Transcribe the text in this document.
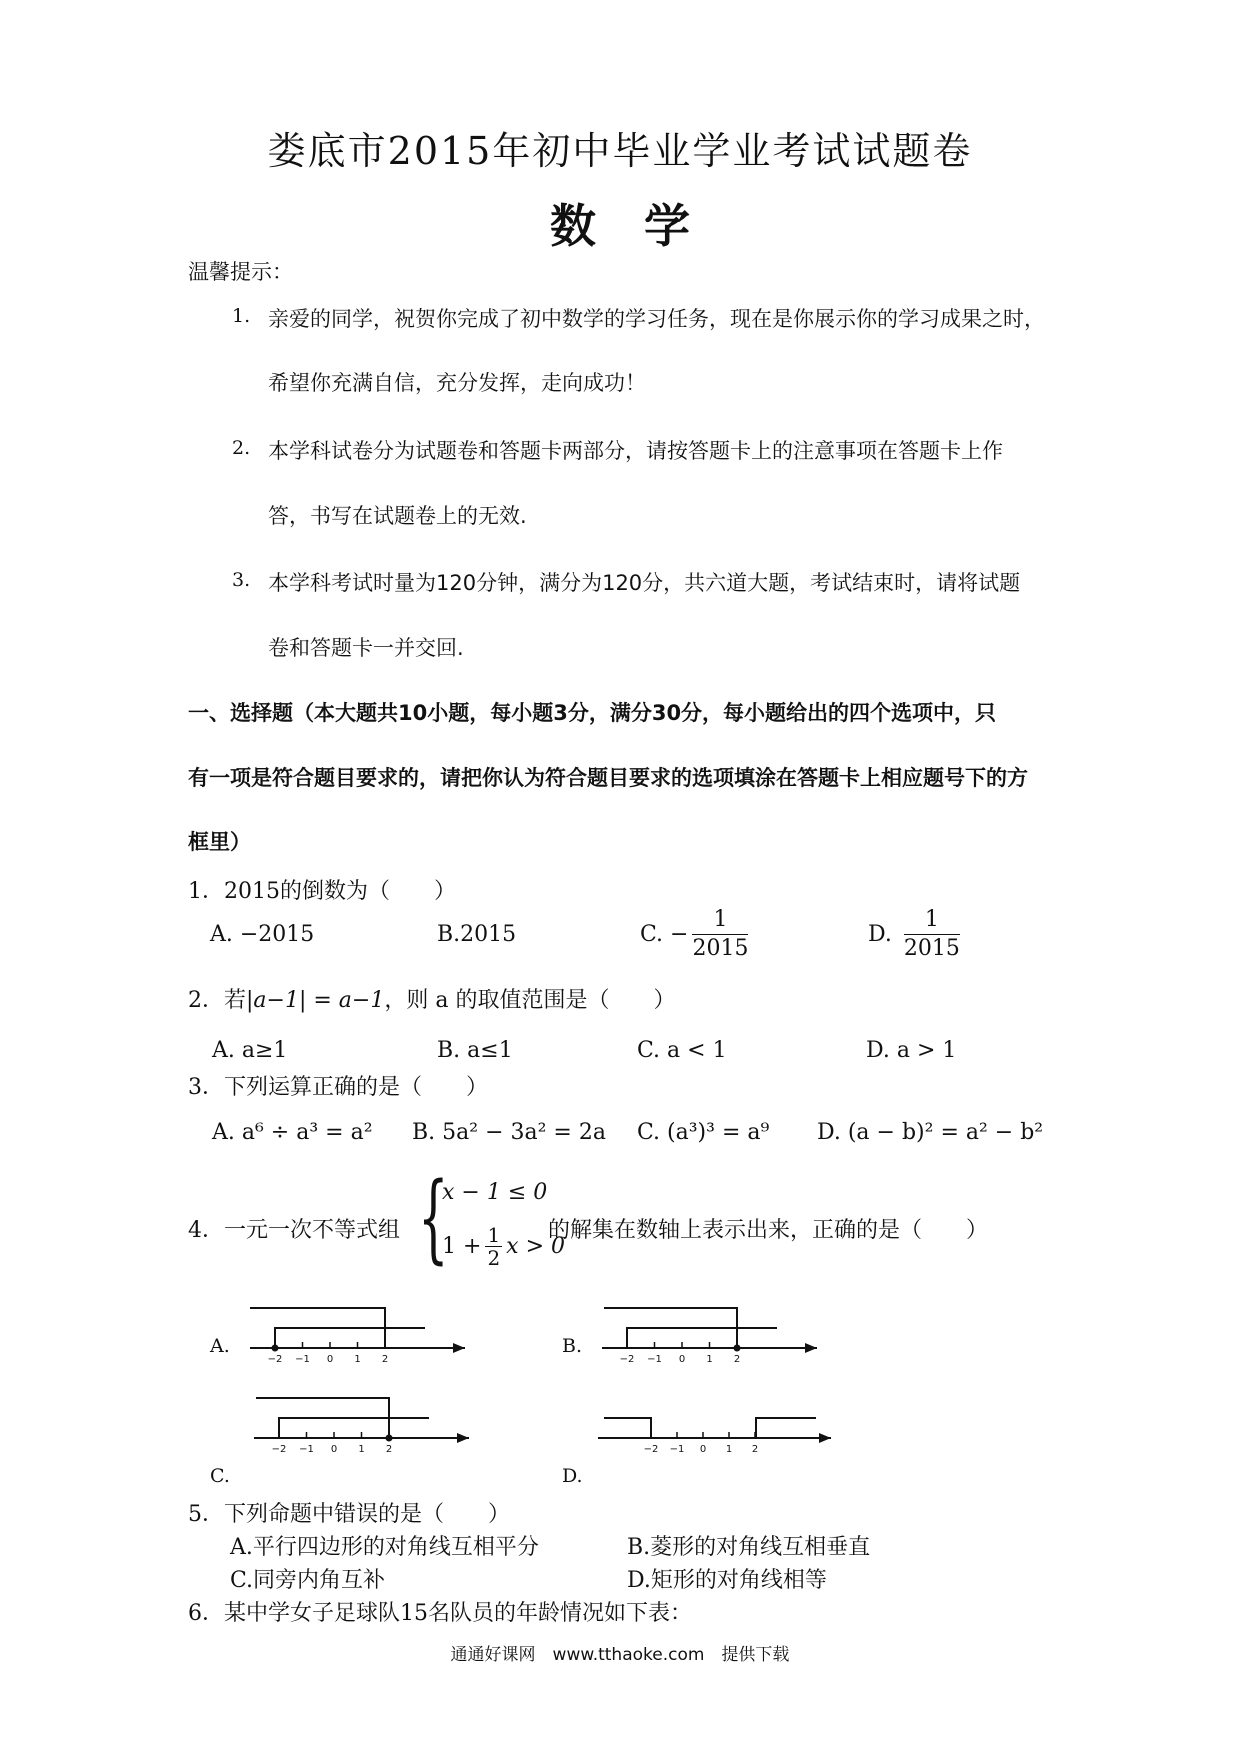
娄底市2015年初中毕业学业考试试题卷
数学
温馨提示：
1. 亲爱的同学，祝贺你完成了初中数学的学习任务，现在是你展示你的学习成果之时，
希望你充满自信，充分发挥，走向成功！
2. 本学科试卷分为试题卷和答题卡两部分，请按答题卡上的注意事项在答题卡上作
答，书写在试题卷上的无效.
3. 本学科考试时量为120分钟，满分为120分，共六道大题，考试结束时，请将试题
卷和答题卡一并交回.
一、选择题（本大题共10小题，每小题3分，满分30分，每小题给出的四个选项中，只
有一项是符合题目要求的，请把你认为符合题目要求的选项填涂在答题卡上相应题号下的方
框里）
1．2015的倒数为（　　）
A. −2015	B.2015	C. − $\frac{1}{2015}$	D. $\frac{1}{2015}$
2．若|a−1| = a−1，则 a 的取值范围是（　　）
A. a≥1	B. a≤1	C. a < 1	D. a > 1
3．下列运算正确的是（　　）
A. a⁶ ÷ a³ = a² B. 5a² − 3a² = 2a C. (a³)³ = a⁹ D. (a − b)² = a² − b²
4．一元一次不等式组 {
x − 1 ≤ 0
$1 + \frac{1}{2}$ x > 0
的解集在数轴上表示出来，正确的是（　　）
A.
−2 −1 0 1 2
B.
−2 −1 0 1 2
C.
−2 −1 0 1 2
D.
−2 −1 0 1 2
5．下列命题中错误的是（　　）
A.平行四边形的对角线互相平分	B.菱形的对角线互相垂直
C.同旁内角互补	D.矩形的对角线相等
6．某中学女子足球队15名队员的年龄情况如下表：
通通好课网　www.tthaoke.com　提供下载
